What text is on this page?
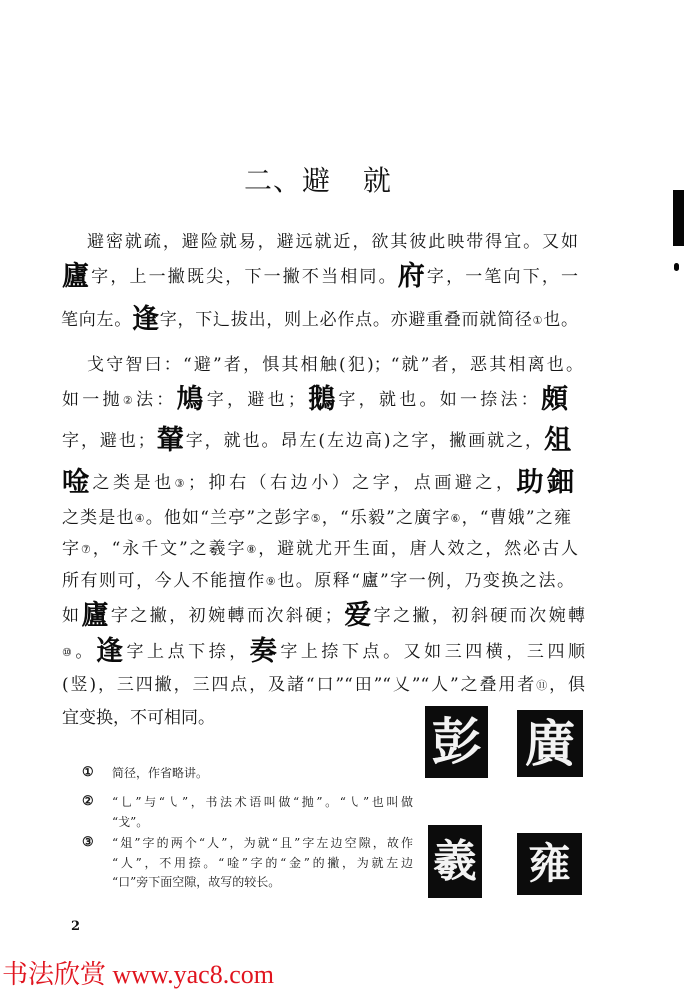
二、避 就
避密就疏，避险就易，避远就近，欲其彼此映带得宜。又如
廬字，上一撇既尖，下一撇不当相同。府字，一笔向下，一
笔向左。逢字，下辶拔出，则上必作点。亦避重叠而就简径①也。
戈守智曰：“避”者，惧其相触(犯)；“就”者，恶其相离也。
如一抛②法：鳩字，避也；鵝字，就也。如一捺法：頗
字，避也；輦字，就也。昂左(左边高)之字，撇画就之，俎
唫之类是也③；抑右（右边小）之字，点画避之，助鈿
之类是也④。他如“兰亭”之彭字⑤，“乐毅”之廣字⑥，“曹娥”之雍
字⑦，“永千文”之羲字⑧，避就尤开生面，唐人效之，然必古人
所有则可，今人不能擅作⑨也。原释“廬”字一例，乃变换之法。
如廬字之撇，初婉轉而次斜硬；爱字之撇，初斜硬而次婉轉
⑩。逢字上点下捺，奏字上捺下点。又如三四横，三四顺
(竖)，三四撇，三四点，及諸“口”“田”“乂”“人”之叠用者⑪，俱
宜变换，不可相同。	彭 廣
羲 雍
① 简径，作省略讲。
② “乚”与“㇂”，书法术语叫做“抛”。“㇂”也叫做
“戈”。
③ “俎”字的两个“人”，为就“且”字左边空隙，故作
“人”，不用捺。“唫”字的“金”的撇，为就左边
“口”旁下面空隙，故写的较长。
2
书法欣赏 www.yac8.com
